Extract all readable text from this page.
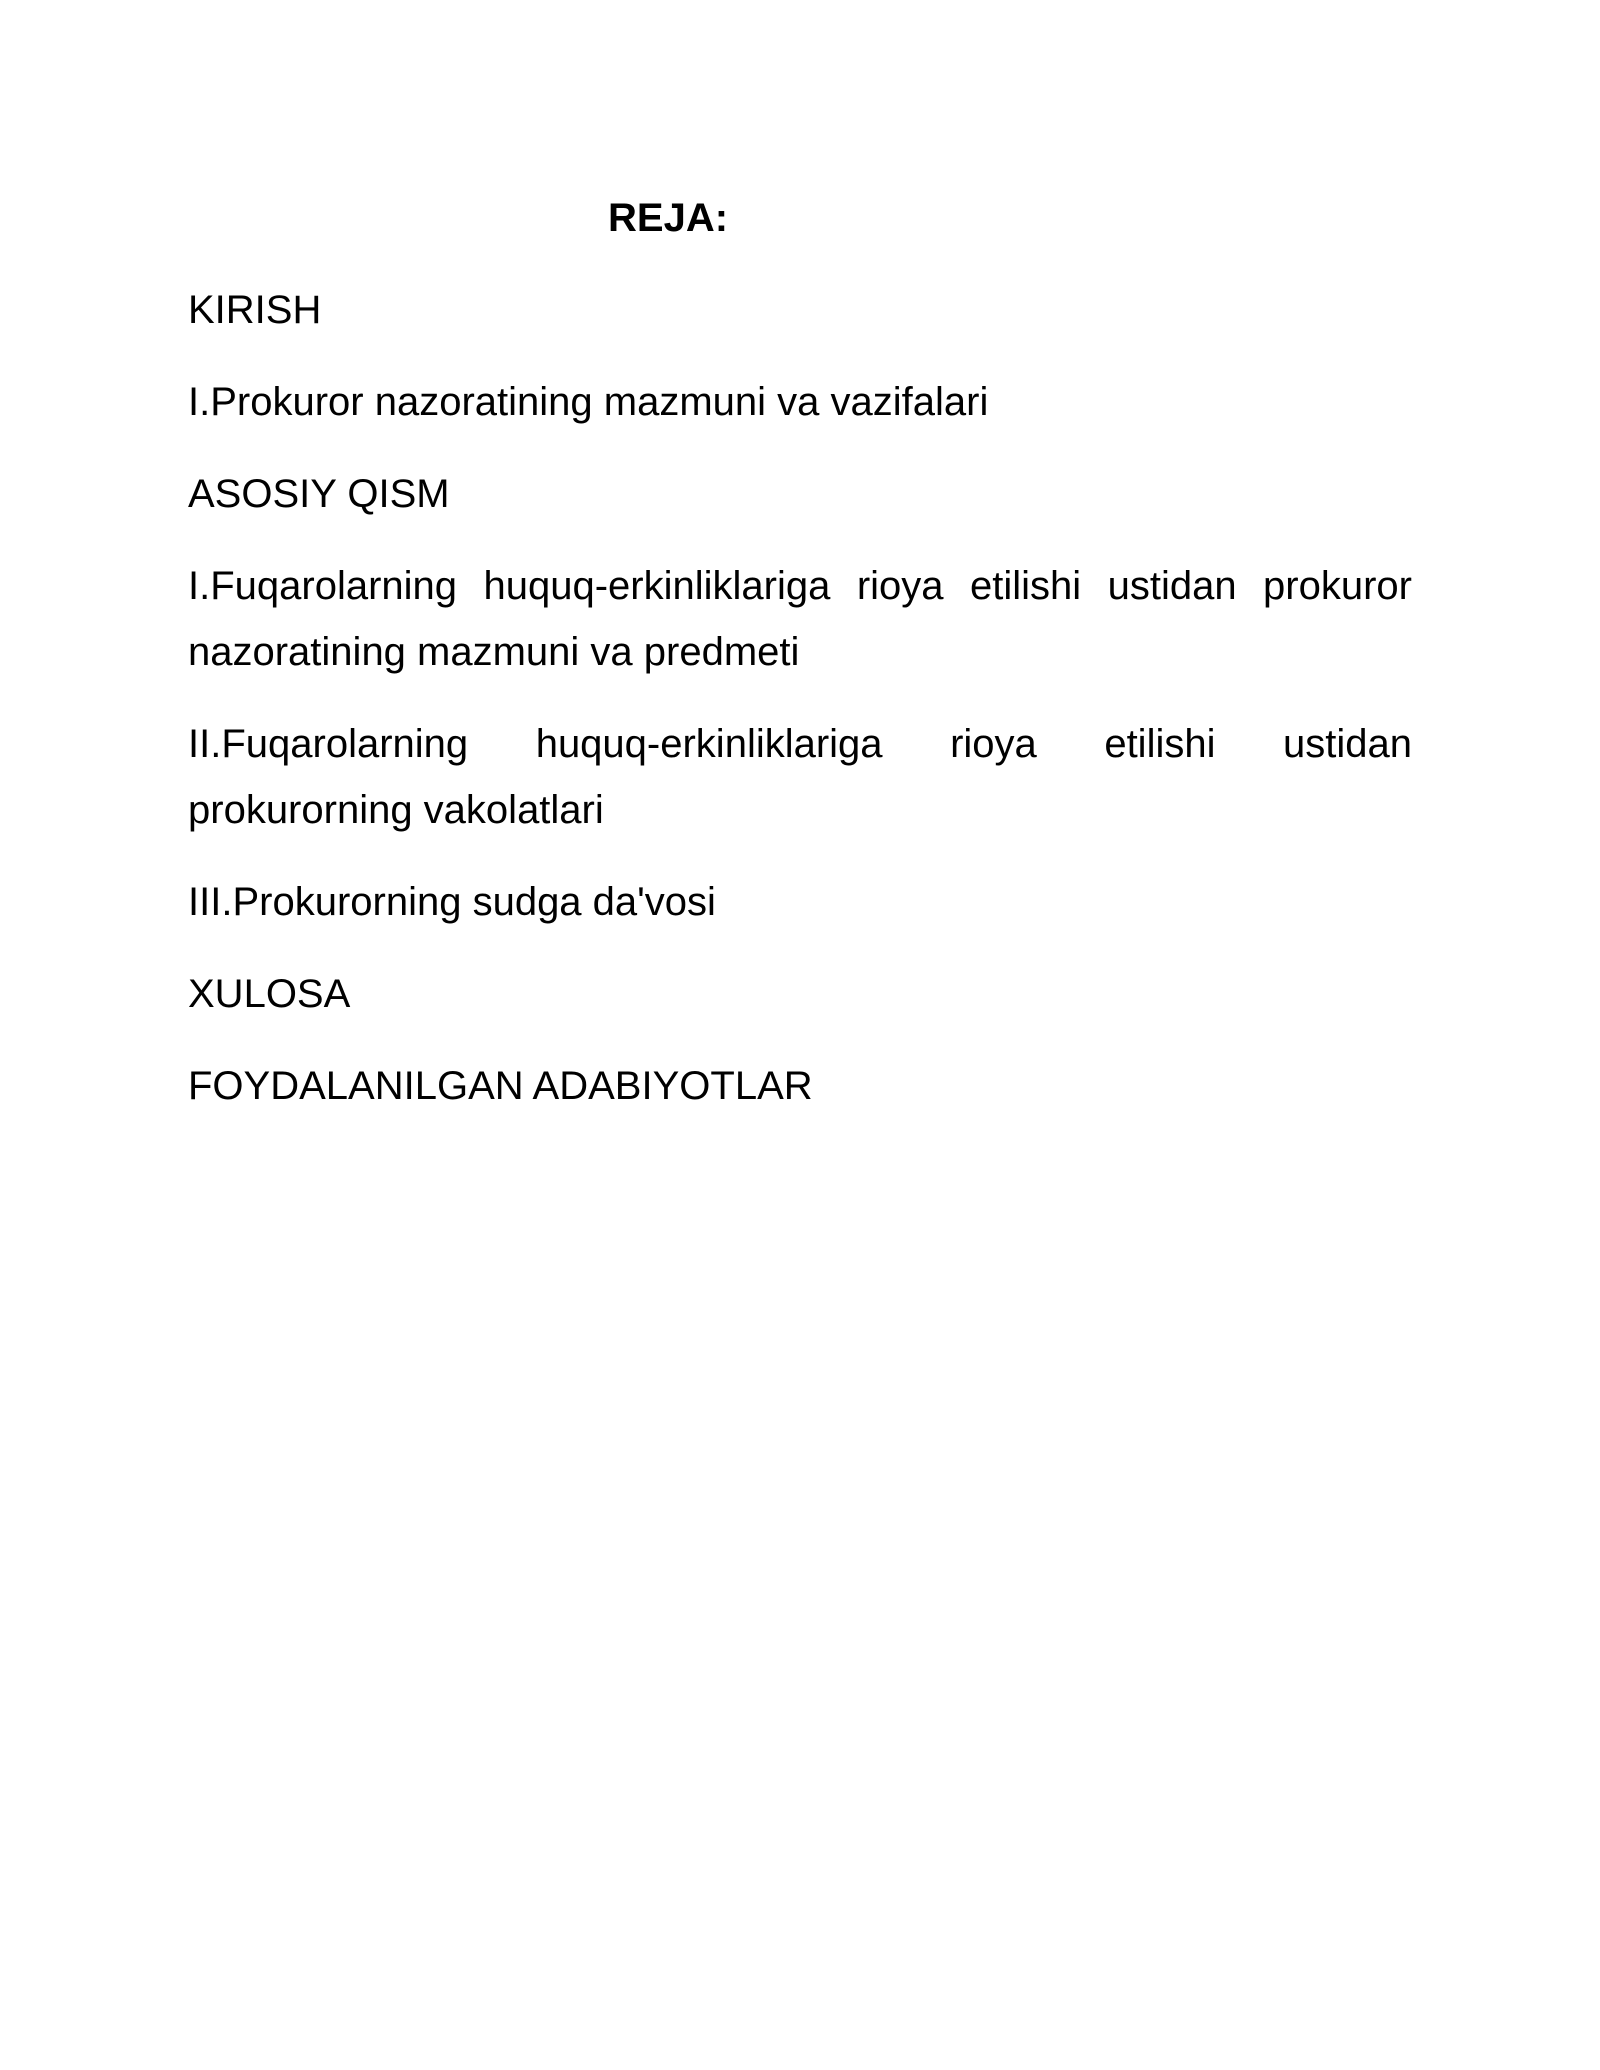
REJA:

KIRISH

I.Prokuror nazoratining mazmuni va vazifalari

ASOSIY QISM

I.Fuqarolarning huquq-erkinliklariga rioya etilishi ustidan prokuror nazoratining mazmuni va predmeti

II.Fuqarolarning huquq-erkinliklariga rioya etilishi ustidan prokurorning vakolatlari

III.Prokurorning sudga da'vosi

XULOSA

FOYDALANILGAN ADABIYOTLAR
